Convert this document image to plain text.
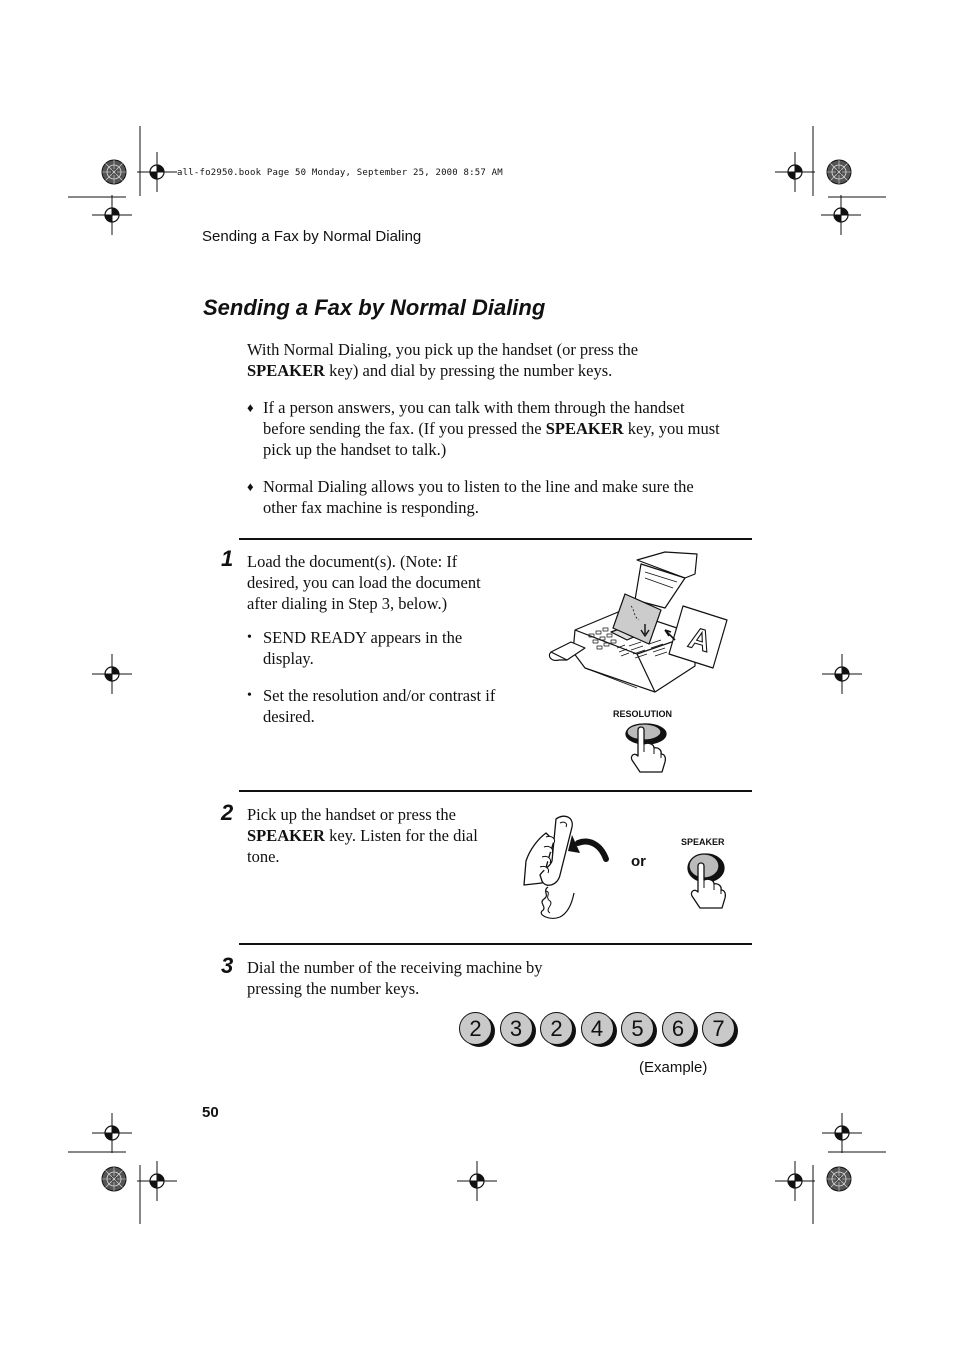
all-fo2950.book Page 50 Monday, September 25, 2000 8:57 AM
Sending a Fax by Normal Dialing
Sending a Fax by Normal Dialing
With Normal Dialing, you pick up the handset (or press the
SPEAKER key) and dial by pressing the number keys.
♦ If a person answers, you can talk with them through the handset before sending the fax. (If you pressed the SPEAKER key, you must pick up the handset to talk.)
♦ Normal Dialing allows you to listen to the line and make sure the other fax machine is responding.
1 Load the document(s). (Note: If desired, you can load the document after dialing in Step 3, below.)
• SEND READY appears in the display.
• Set the resolution and/or contrast if desired.
A
RESOLUTION
2 Pick up the handset or press the
SPEAKER key. Listen for the dial tone.	or
SPEAKER
3 Dial the number of the receiving machine by pressing the number keys.
2 3 2 4 5 6 7
(Example)
50
